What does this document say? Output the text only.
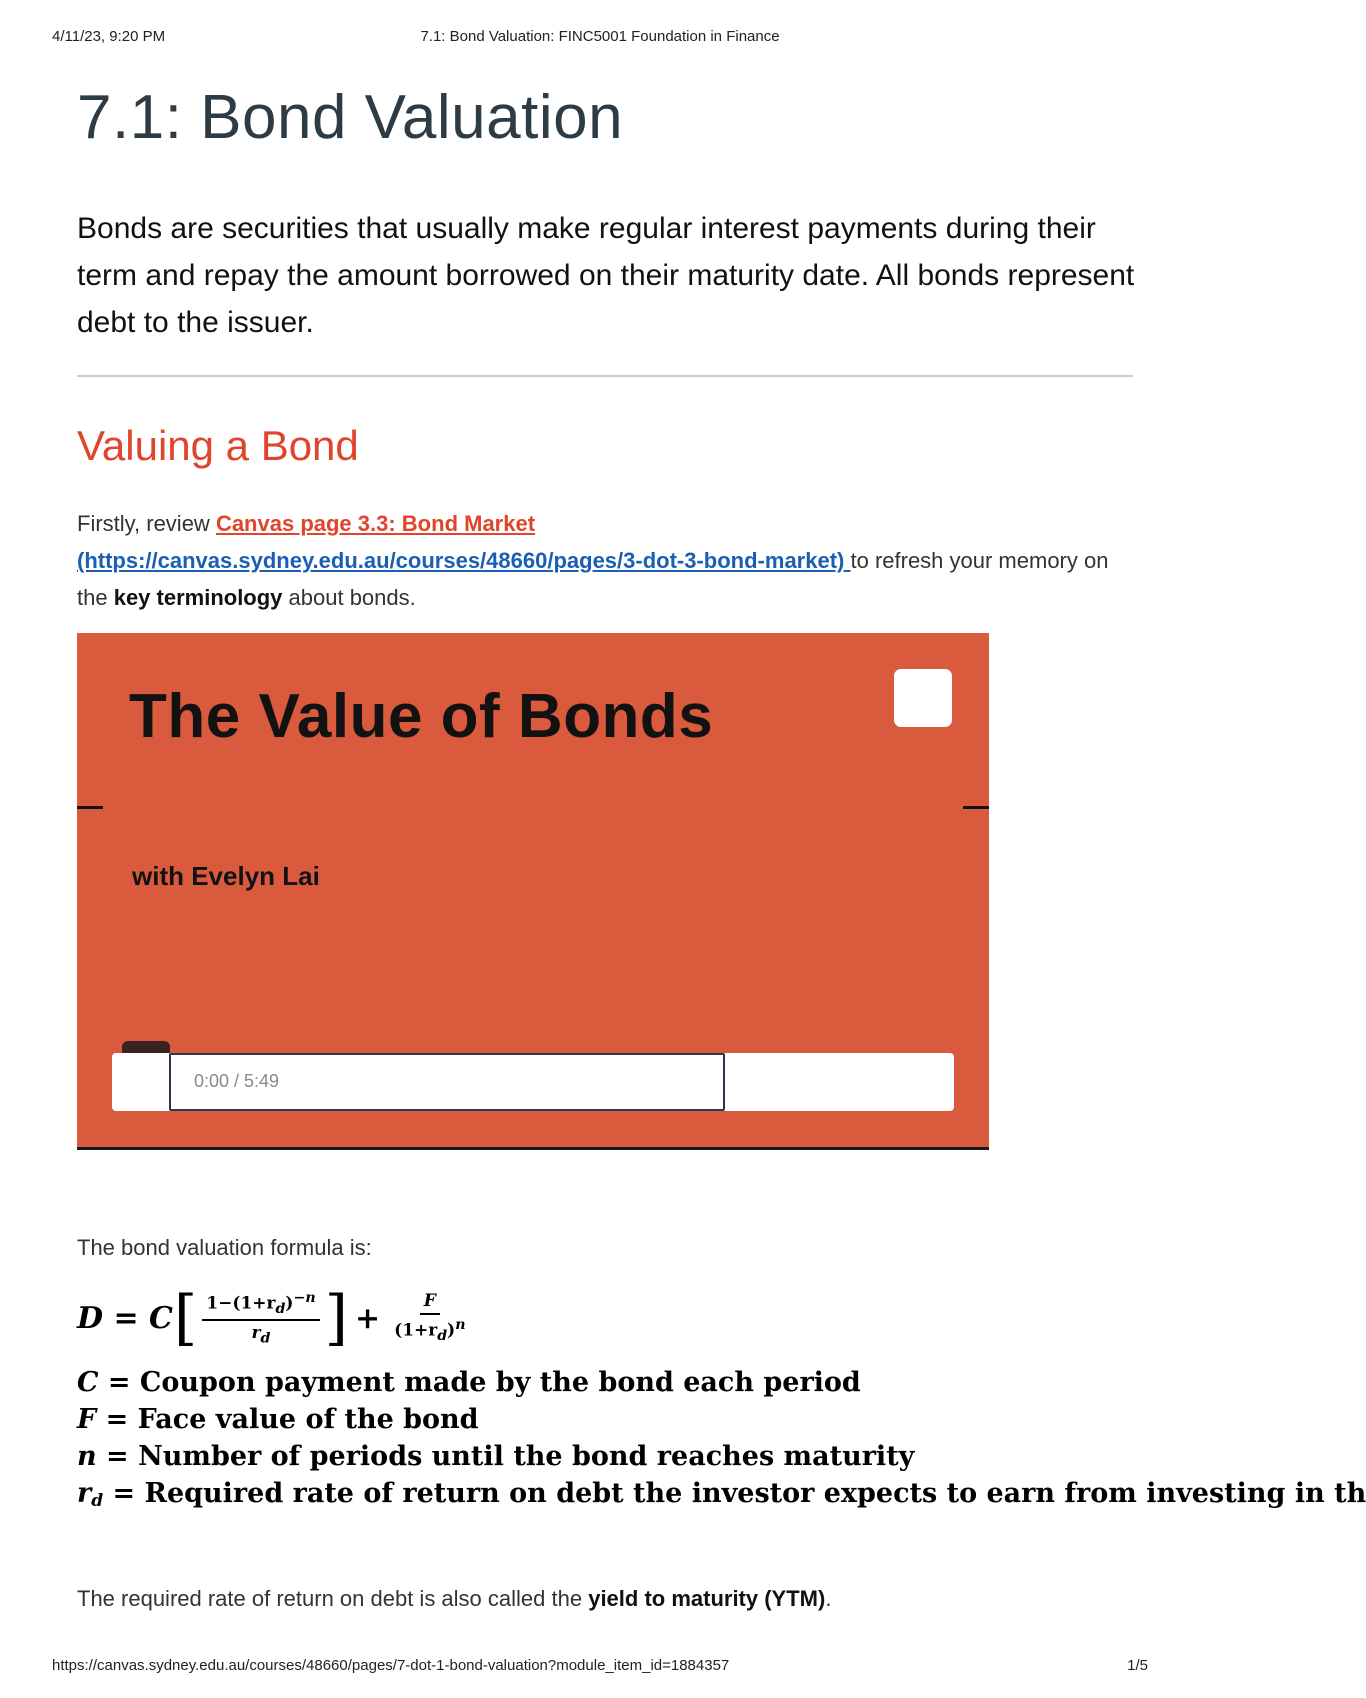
4/11/23, 9:20 PM	7.1: Bond Valuation: FINC5001 Foundation in Finance
7.1: Bond Valuation

Bonds are securities that usually make regular interest payments during their term and repay the amount borrowed on their maturity date. All bonds represent debt to the issuer.

Valuing a Bond

Firstly, review Canvas page 3.3: Bond Market
(https://canvas.sydney.edu.au/courses/48660/pages/3-dot-3-bond-market) to refresh your memory on the key terminology about bonds.

The Value of Bonds
with Evelyn Lai
0:00 / 5:49

The bond valuation formula is:

D = C [ $\frac{1-(1+r_d)^{-n}}{r_d}$ ] + $\frac{F}{(1+r_d)^n}$
C = Coupon payment made by the bond each period
F = Face value of the bond
n = Number of periods until the bond reaches maturity
$r_d$ = Required rate of return on debt the investor expects to earn from investing in th

The required rate of return on debt is also called the yield to maturity (YTM).

https://canvas.sydney.edu.au/courses/48660/pages/7-dot-1-bond-valuation?module_item_id=1884357	1/5
